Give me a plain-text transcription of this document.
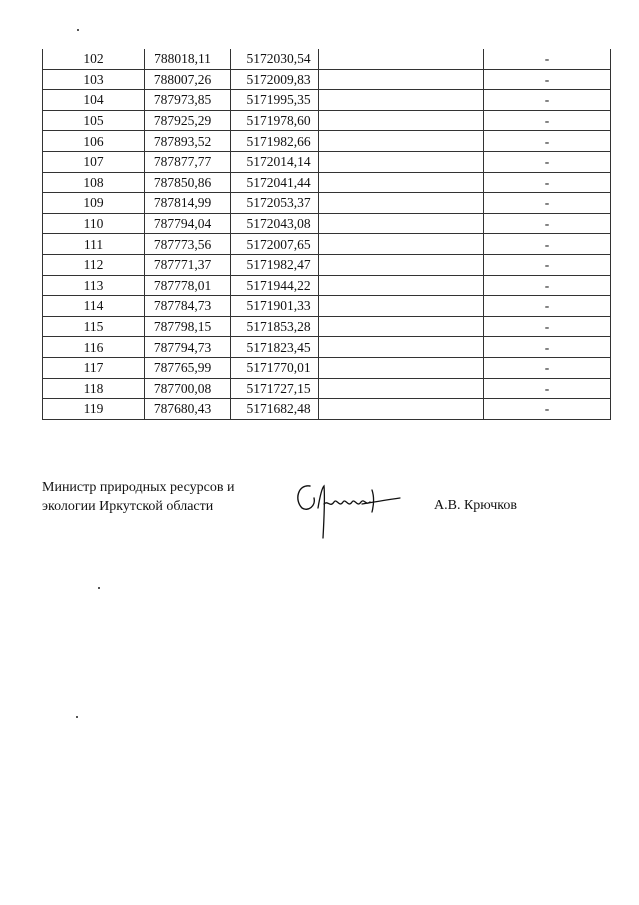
102	788018,11	5172030,54		-
103	788007,26	5172009,83		-
104	787973,85	5171995,35		-
105	787925,29	5171978,60		-
106	787893,52	5171982,66		-
107	787877,77	5172014,14		-
108	787850,86	5172041,44		-
109	787814,99	5172053,37		-
110	787794,04	5172043,08		-
111	787773,56	5172007,65		-
112	787771,37	5171982,47		-
113	787778,01	5171944,22		-
114	787784,73	5171901,33		-
115	787798,15	5171853,28		-
116	787794,73	5171823,45		-
117	787765,99	5171770,01		-
118	787700,08	5171727,15		-
119	787680,43	5171682,48		-
Министр природных ресурсов и
экологии Иркутской области	А.В. Крючков
